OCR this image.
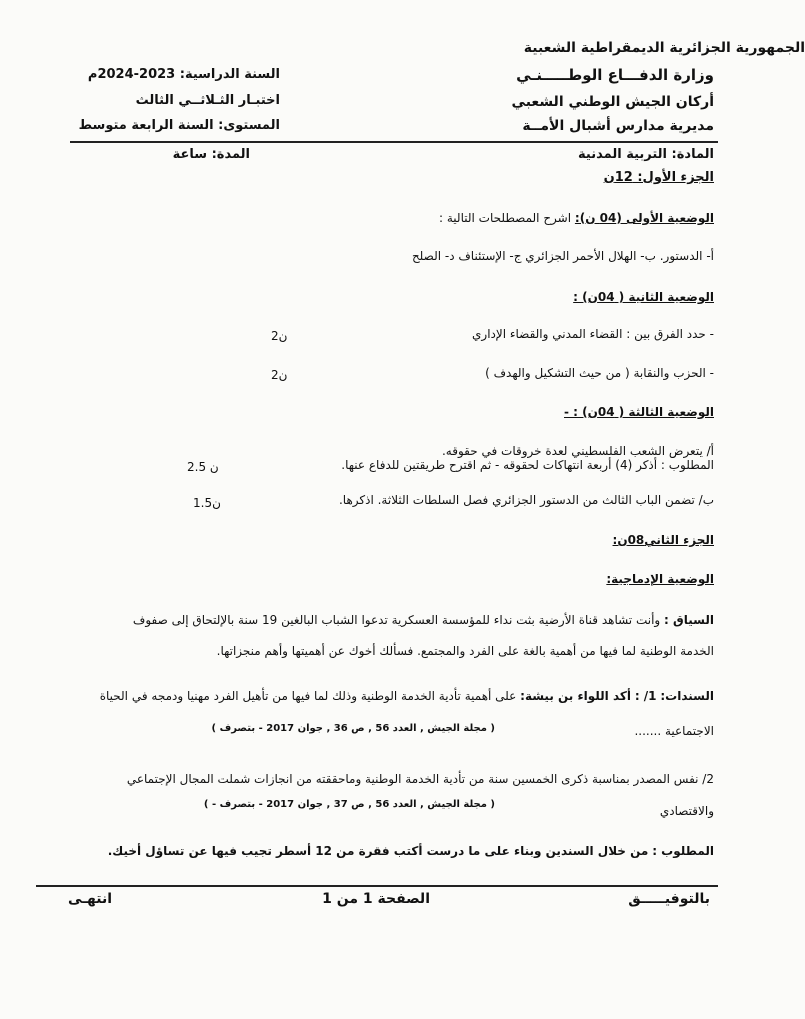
الجمهورية الجزائرية الديمقراطية الشعبية
وزارة الدفـــاع الوطـــــنـي
أركان الجيش الوطني الشعبي
مديرية مدارس أشبال الأمــة
السنة الدراسية: 2023-2024م
اختبـار الثـلاثــي الثالث
المستوى: السنة الرابعة متوسط
المادة: التربية المدنية
المدة: ساعة
الجزء الأول: 12ن
الوضعية الأولى (04 ن): اشرح المصطلحات التالية :
أ- الدستور. ب- الهلال الأحمر الجزائري ج- الإستئناف د- الصلح
الوضعية الثانية ( 04ن) :
- حدد الفرق بين : القضاء المدني والقضاء الإداري
2ن
- الحزب والنقابة ( من حيث التشكيل والهدف )
2ن
الوضعية الثالثة ( 04ن) : -
أ/ يتعرض الشعب الفلسطيني لعدة خروقات في حقوقه.
المطلوب : أذكر (4) أربعة انتهاكات لحقوقه - ثم اقترح طريقتين للدفاع عنها.
2.5 ن
ب/ تضمن الباب الثالث من الدستور الجزائري فصل السلطات الثلاثة. اذكرها.
1.5ن
الجزء الثاني08ن:
الوضعية الإدماجية:
السياق : وأنت تشاهد قناة الأرضية بثت نداء للمؤسسة العسكرية تدعوا الشباب البالغين 19 سنة بالإلتحاق إلى صفوف
الخدمة الوطنية لما فيها من أهمية بالغة على الفرد والمجتمع. فسألك أخوك عن أهميتها وأهم منجزاتها.
السندات: 1/ : أكد اللواء بن بيشة: على أهمية تأدية الخدمة الوطنية وذلك لما فيها من تأهيل الفرد مهنيا ودمجه في الحياة
الاجتماعية .......
( مجلة الجيش , العدد 56 , ص 36 , جوان 2017 - بتصرف )
2/ نفس المصدر بمناسبة ذكرى الخمسين سنة من تأدية الخدمة الوطنية وماحققته من انجازات شملت المجال الإجتماعي
والاقتصادي
( مجلة الجيش , العدد 56 , ص 37 , جوان 2017 - بتصرف - )
المطلوب : من خلال السندين وبناء على ما درست أكتب فقرة من 12 أسطر تجيب فيها عن تساؤل أخيك.
بالتوفيـــــق
الصفحة 1 من 1
انتهـى
